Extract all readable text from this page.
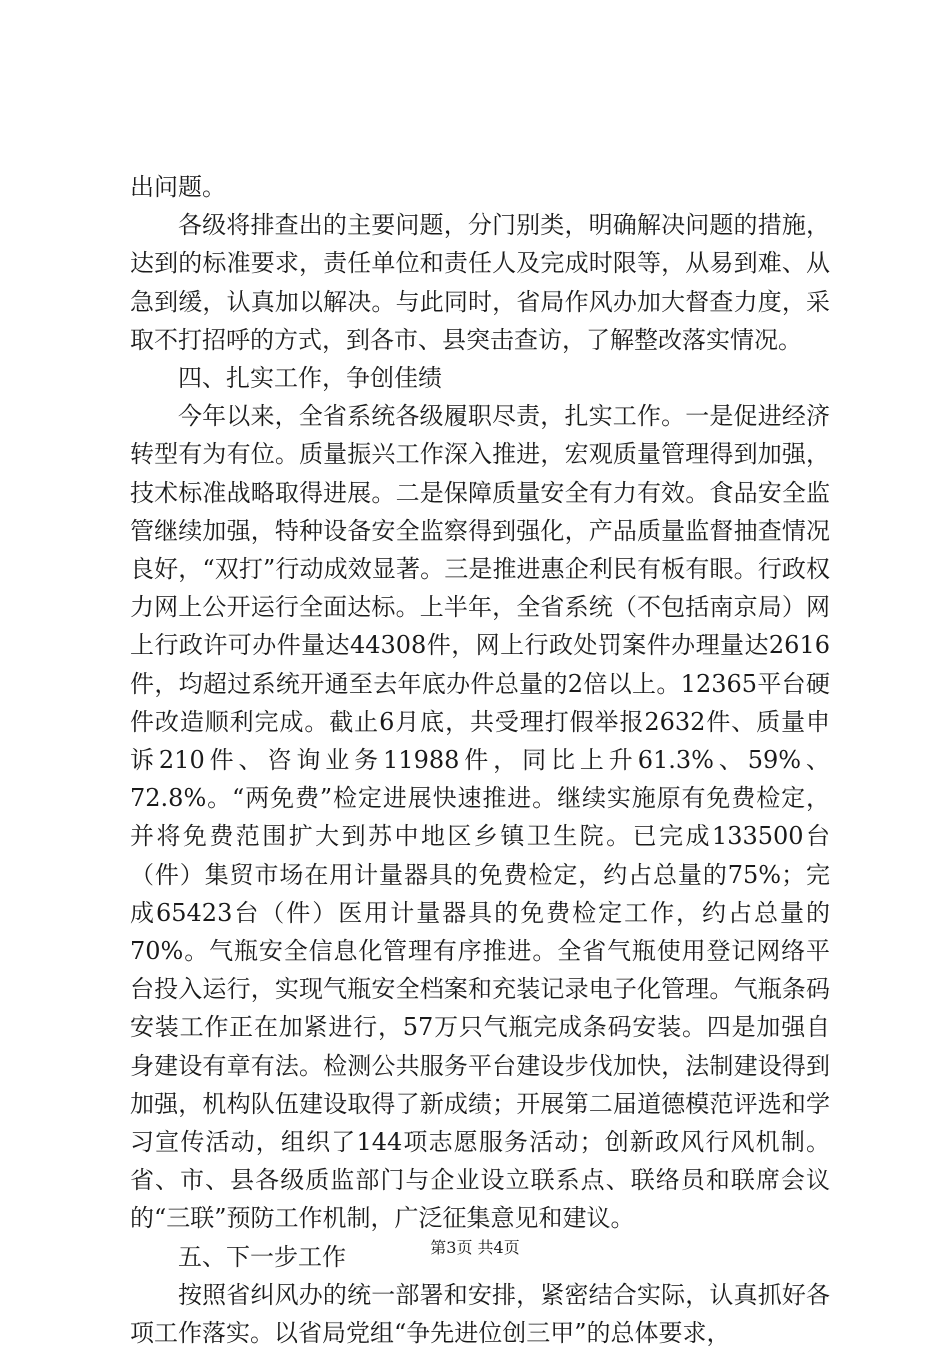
出问题。

各级将排查出的主要问题，分门别类，明确解决问题的措施，达到的标准要求，责任单位和责任人及完成时限等，从易到难、从急到缓，认真加以解决。与此同时，省局作风办加大督查力度，采取不打招呼的方式，到各市、县突击查访，了解整改落实情况。

四、扎实工作，争创佳绩

今年以来，全省系统各级履职尽责，扎实工作。一是促进经济转型有为有位。质量振兴工作深入推进，宏观质量管理得到加强，技术标准战略取得进展。二是保障质量安全有力有效。食品安全监管继续加强，特种设备安全监察得到强化，产品质量监督抽查情况良好，“双打”行动成效显著。三是推进惠企利民有板有眼。行政权力网上公开运行全面达标。上半年，全省系统（不包括南京局）网上行政许可办件量达44308件，网上行政处罚案件办理量达2616件，均超过系统开通至去年底办件总量的2倍以上。12365平台硬件改造顺利完成。截止6月底，共受理打假举报2632件、质量申诉210件、咨询业务11988件，同比上升61.3%、59%、72.8%。“两免费”检定进展快速推进。继续实施原有免费检定，并将免费范围扩大到苏中地区乡镇卫生院。已完成133500台（件）集贸市场在用计量器具的免费检定，约占总量的75%；完成65423台（件）医用计量器具的免费检定工作，约占总量的70%。气瓶安全信息化管理有序推进。全省气瓶使用登记网络平台投入运行，实现气瓶安全档案和充装记录电子化管理。气瓶条码安装工作正在加紧进行，57万只气瓶完成条码安装。四是加强自身建设有章有法。检测公共服务平台建设步伐加快，法制建设得到加强，机构队伍建设取得了新成绩；开展第二届道德模范评选和学习宣传活动，组织了144项志愿服务活动；创新政风行风机制。省、市、县各级质监部门与企业设立联系点、联络员和联席会议的“三联”预防工作机制，广泛征集意见和建议。

五、下一步工作

按照省纠风办的统一部署和安排，紧密结合实际，认真抓好各项工作落实。以省局党组“争先进位创三甲”的总体要求，

第3页 共4页
